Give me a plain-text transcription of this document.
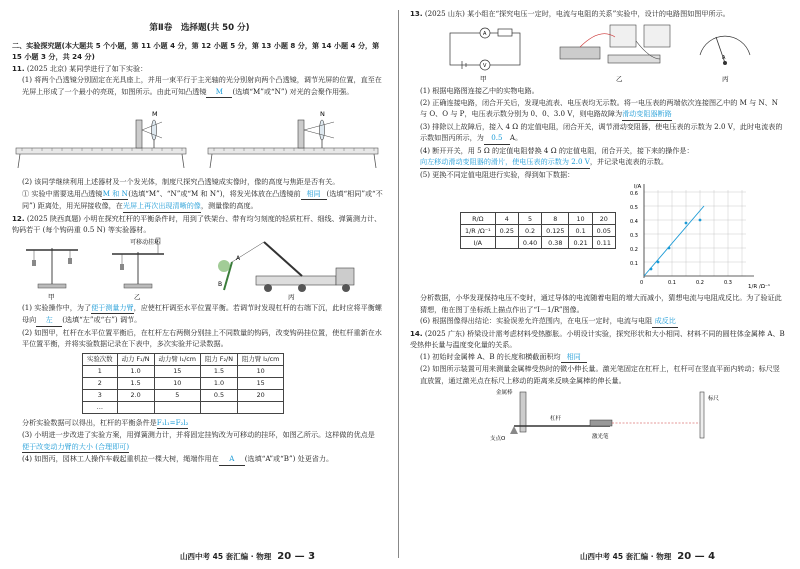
第Ⅱ卷　选择题(共 50 分)

二、实验探究题(本大题共 5 个小题，第 11 小题 4 分，第 12 小题 5 分，第 13 小题 8 分，第 14 小题 4 分，第 15 小题 3 分，共 24 分)

11. (2025 北京) 某同学进行了如下实验：

(1) 将两个凸透镜分别固定在光具座上，并用一束平行于主光轴的光分别射向两个凸透镜，调节光屏的位置，直至在光屏上形成了一个最小的亮斑，如图所示。由此可知凸透镜 M (选填“M”或“N”) 对光的会聚作用强。

M	N

(2) 该同学继续利用上述器材及一个发光体，制度尺探究凸透镜成实像时，像的高度与焦距是否有关。

① 实验中需要选用凸透镜M 和 N(选填“M”、“N”或“M 和 N”)，将发光体放在凸透镜前 相同 (选填“相同”或“不同”) 距离处，用光屏接收像，在光屏上再次出现清晰的像，测量像的高度。

12. (2025 陕西真题) 小明在探究杠杆的平衡条件时，用到了铁架台、带有均匀刻度的轻质杠杆、细线、弹簧测力计、钩码若干 (每个钩码重 0.5 N) 等实验器材。

可移动挂环
A
B
甲	乙	丙

(1) 实验操作中，为了便于测量力臂，应使杠杆调至水平位置平衡。若调节时发现杠杆的右端下沉，此时应将平衡螺母向 左 (选填“左”或“右”) 调节。

(2) 如图甲，杠杆在水平位置平衡后，在杠杆左右两侧分别挂上不同数量的钩码，改变钩码挂位置，使杠杆重新在水平位置平衡，并将实验数据记录在下表中，多次实验并记录数据。

实验次数	动力 F₁/N	动力臂 l₁/cm	阻力 F₂/N	阻力臂 l₂/cm
1	1.0	15	1.5	10
2	1.5	10	1.0	15
3	2.0	5	0.5	20
…				

分析实验数据可以得出，杠杆的平衡条件是F₁l₁=F₂l₂

(3) 小明进一步改进了实验方案，用弹簧测力计，并将固定挂钩改为可移动的挂环，如图乙所示。这样做的优点是便于改变动力臂的大小 (合理即可)

(4) 如图丙，园林工人操作车载起重机拉一棵大树，绳端作用在 A (选填“A”或“B”) 处更省力。

13. (2025 山东) 某小组在“探究电压一定时，电流与电阻的关系”实验中，设计的电路图如图甲所示。

A
V
A
甲	乙	丙

(1) 根据电路图连接乙中的实物电路。

(2) 正确连接电路，闭合开关后，发现电流表、电压表均无示数。将一电压表的两端依次连接图乙中的 M 与 N、N 与 O、O 与 P，电压表示数分别为 0、0、3.0 V，则电路故障为滑动变阻器断路

(3) 排除以上故障后，接入 4 Ω 的定值电阻，闭合开关，调节滑动变阻器，使电压表的示数为 2.0 V，此时电流表的示数如图丙所示，为 0.5 A。

(4) 断开开关，用 5 Ω 的定值电阻替换 4 Ω 的定值电阻，闭合开关，接下来的操作是：向左移动滑动变阻器的滑片，使电压表的示数为 2.0 V，并记录电流表的示数。

(5) 更换不同定值电阻进行实验，得到如下数据：

R/Ω	4	5	8	10	20
1/R /Ω⁻¹	0.25	0.2	0.125	0.1	0.05
I/A		0.40	0.38	0.21	0.11
I/A
1/R /Ω⁻¹
0.6
0.5
0.4
0.3
0.2
0.1
0	0.1	0.2	0.3

分析数据，小华发现保持电压不变时，通过导体的电流随着电阻的增大而减小，猜想电流与电阻成反比。为了验证此猜想，他在图丁坐标纸上描点作出了“I－1/R”图像。

(6) 根据图像得出结论：实验误差允许范围内，在电压一定时，电流与电阻 成反比

14. (2025 广东) 桥梁设计需考虑材料受热膨胀。小明设计实验，探究形状和大小相同、材料不同的圆柱体金属棒 A、B 受热伸长量与温度变化量的关系。

(1) 初始时金属棒 A、B 的长度和横截面积均 相同

(2) 如图所示装置可用来测量金属棒受热时的微小伸长量。激光笔固定在杠杆上，杠杆可在竖直平面内转动；标尺竖直放置，通过激光点在标尺上移动的距离来反映金属棒的伸长量。

金属棒
杠杆
支点O	激光笔
标尺
山西中考 45 套汇编 · 物理 20 — 3	山西中考 45 套汇编 · 物理 20 — 4
